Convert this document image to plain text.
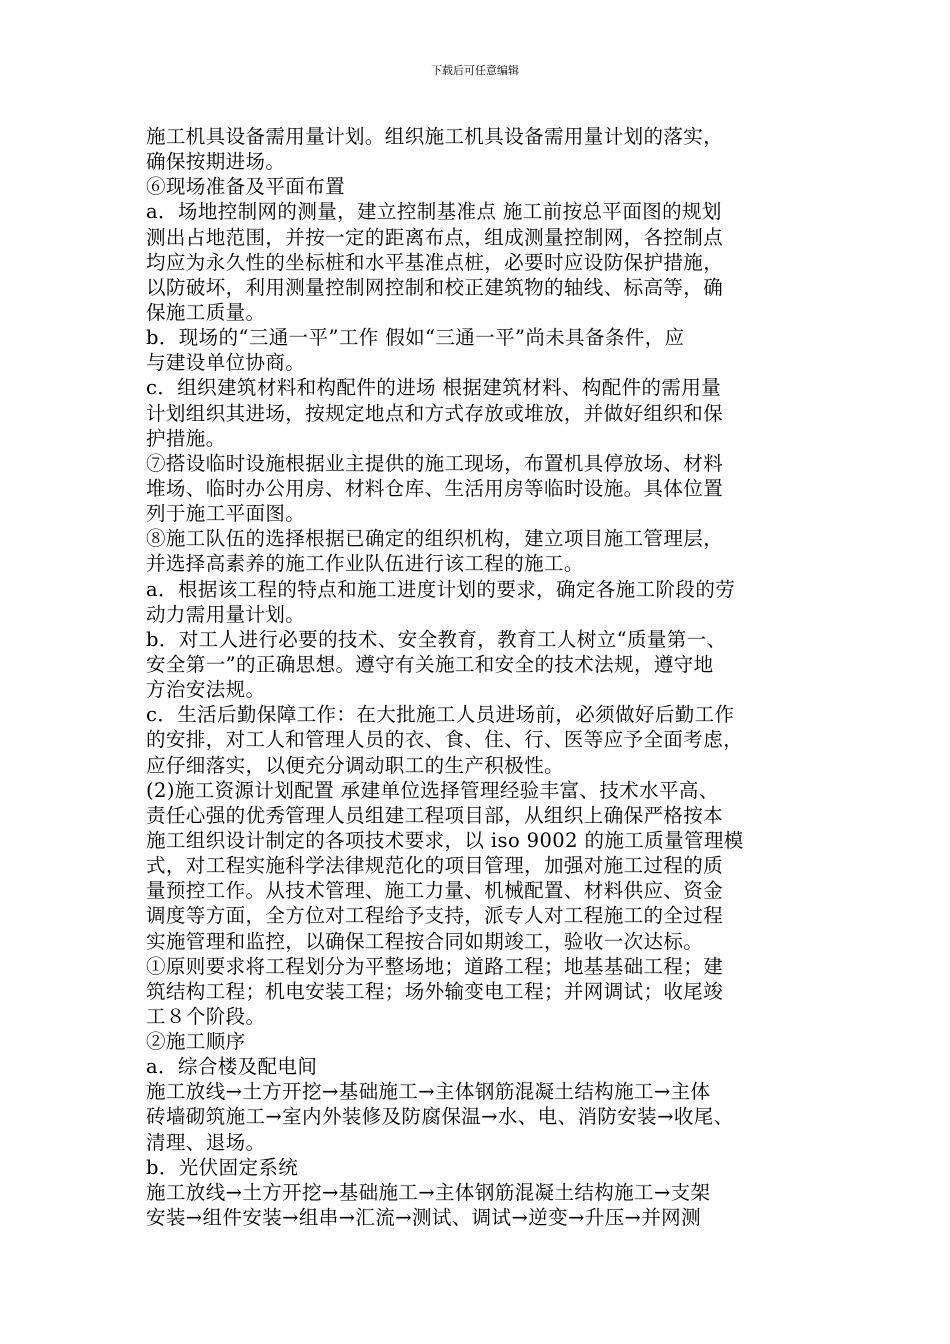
下载后可任意编辑
施工机具设备需用量计划。组织施工机具设备需用量计划的落实，
确保按期进场。
⑥现场准备及平面布置
a．场地控制网的测量，建立控制基准点 施工前按总平面图的规划
测出占地范围，并按一定的距离布点，组成测量控制网，各控制点
均应为永久性的坐标桩和水平基准点桩，必要时应设防保护措施，
以防破坏，利用测量控制网控制和校正建筑物的轴线、标高等，确
保施工质量。
b．现场的“三通一平”工作 假如“三通一平”尚未具备条件，应
与建设单位协商。
c．组织建筑材料和构配件的进场 根据建筑材料、构配件的需用量
计划组织其进场，按规定地点和方式存放或堆放，并做好组织和保
护措施。
⑦搭设临时设施根据业主提供的施工现场，布置机具停放场、材料
堆场、临时办公用房、材料仓库、生活用房等临时设施。具体位置
列于施工平面图。
⑧施工队伍的选择根据已确定的组织机构，建立项目施工管理层，
并选择高素养的施工作业队伍进行该工程的施工。
a．根据该工程的特点和施工进度计划的要求，确定各施工阶段的劳
动力需用量计划。
b．对工人进行必要的技术、安全教育，教育工人树立“质量第一、
安全第一”的正确思想。遵守有关施工和安全的技术法规，遵守地
方治安法规。
c．生活后勤保障工作：在大批施工人员进场前，必须做好后勤工作
的安排，对工人和管理人员的衣、食、住、行、医等应予全面考虑，
应仔细落实，以便充分调动职工的生产积极性。
(2)施工资源计划配置 承建单位选择管理经验丰富、技术水平高、
责任心强的优秀管理人员组建工程项目部，从组织上确保严格按本
施工组织设计制定的各项技术要求，以 iso 9002 的施工质量管理模
式，对工程实施科学法律规范化的项目管理，加强对施工过程的质
量预控工作。从技术管理、施工力量、机械配置、材料供应、资金
调度等方面，全方位对工程给予支持，派专人对工程施工的全过程
实施管理和监控，以确保工程按合同如期竣工，验收一次达标。
①原则要求将工程划分为平整场地；道路工程；地基基础工程；建
筑结构工程；机电安装工程；场外输变电工程；并网调试；收尾竣
工８个阶段。
②施工顺序
a．综合楼及配电间
施工放线→土方开挖→基础施工→主体钢筋混凝土结构施工→主体
砖墙砌筑施工→室内外装修及防腐保温→水、电、消防安装→收尾、
清理、退场。
b．光伏固定系统
施工放线→土方开挖→基础施工→主体钢筋混凝土结构施工→支架
安装→组件安装→组串→汇流→测试、调试→逆变→升压→并网测
